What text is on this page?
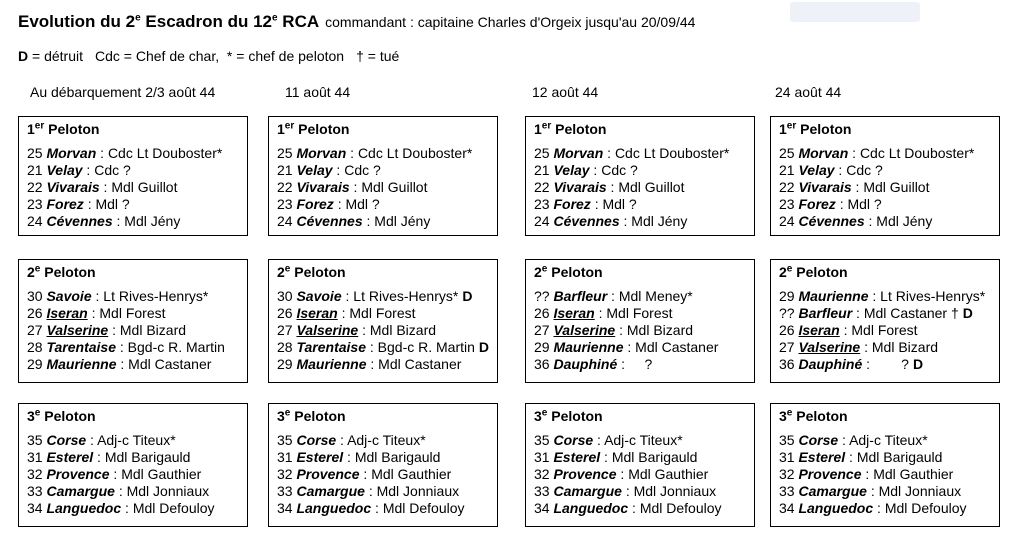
Evolution du 2e Escadron du 12e RCA commandant : capitaine Charles d'Orgeix jusqu'au 20/09/44
D = détruit Cdc = Chef de char, * = chef de peloton † = tué
Au débarquement 2/3 août 44	11 août 44	12 août 44	24 août 44
1er Peloton
25 Morvan : Cdc Lt Douboster*
21 Velay : Cdc ?
22 Vivarais : Mdl Guillot
23 Forez : Mdl ?
24 Cévennes : Mdl Jény
2e Peloton
30 Savoie : Lt Rives-Henrys*
26 Iseran : Mdl Forest
27 Valserine : Mdl Bizard
28 Tarentaise : Bgd-c R. Martin
29 Maurienne : Mdl Castaner
3e Peloton
35 Corse : Adj-c Titeux*
31 Esterel : Mdl Barigauld
32 Provence : Mdl Gauthier
33 Camargue : Mdl Jonniaux
34 Languedoc : Mdl Defouloy
1er Peloton
25 Morvan : Cdc Lt Douboster*
21 Velay : Cdc ?
22 Vivarais : Mdl Guillot
23 Forez : Mdl ?
24 Cévennes : Mdl Jény
2e Peloton
30 Savoie : Lt Rives-Henrys* D
26 Iseran : Mdl Forest
27 Valserine : Mdl Bizard
28 Tarentaise : Bgd-c R. Martin D
29 Maurienne : Mdl Castaner
3e Peloton
35 Corse : Adj-c Titeux*
31 Esterel : Mdl Barigauld
32 Provence : Mdl Gauthier
33 Camargue : Mdl Jonniaux
34 Languedoc : Mdl Defouloy
1er Peloton
25 Morvan : Cdc Lt Douboster*
21 Velay : Cdc ?
22 Vivarais : Mdl Guillot
23 Forez : Mdl ?
24 Cévennes : Mdl Jény
2e Peloton
?? Barfleur : Mdl Meney*
26 Iseran : Mdl Forest
27 Valserine : Mdl Bizard
29 Maurienne : Mdl Castaner
36 Dauphiné :     ?
3e Peloton
35 Corse : Adj-c Titeux*
31 Esterel : Mdl Barigauld
32 Provence : Mdl Gauthier
33 Camargue : Mdl Jonniaux
34 Languedoc : Mdl Defouloy
1er Peloton
25 Morvan : Cdc Lt Douboster*
21 Velay : Cdc ?
22 Vivarais : Mdl Guillot
23 Forez : Mdl ?
24 Cévennes : Mdl Jény
2e Peloton
29 Maurienne : Lt Rives-Henrys*
?? Barfleur : Mdl Castaner † D
26 Iseran : Mdl Forest
27 Valserine : Mdl Bizard
36 Dauphiné :        ? D
3e Peloton
35 Corse : Adj-c Titeux*
31 Esterel : Mdl Barigauld
32 Provence : Mdl Gauthier
33 Camargue : Mdl Jonniaux
34 Languedoc : Mdl Defouloy
